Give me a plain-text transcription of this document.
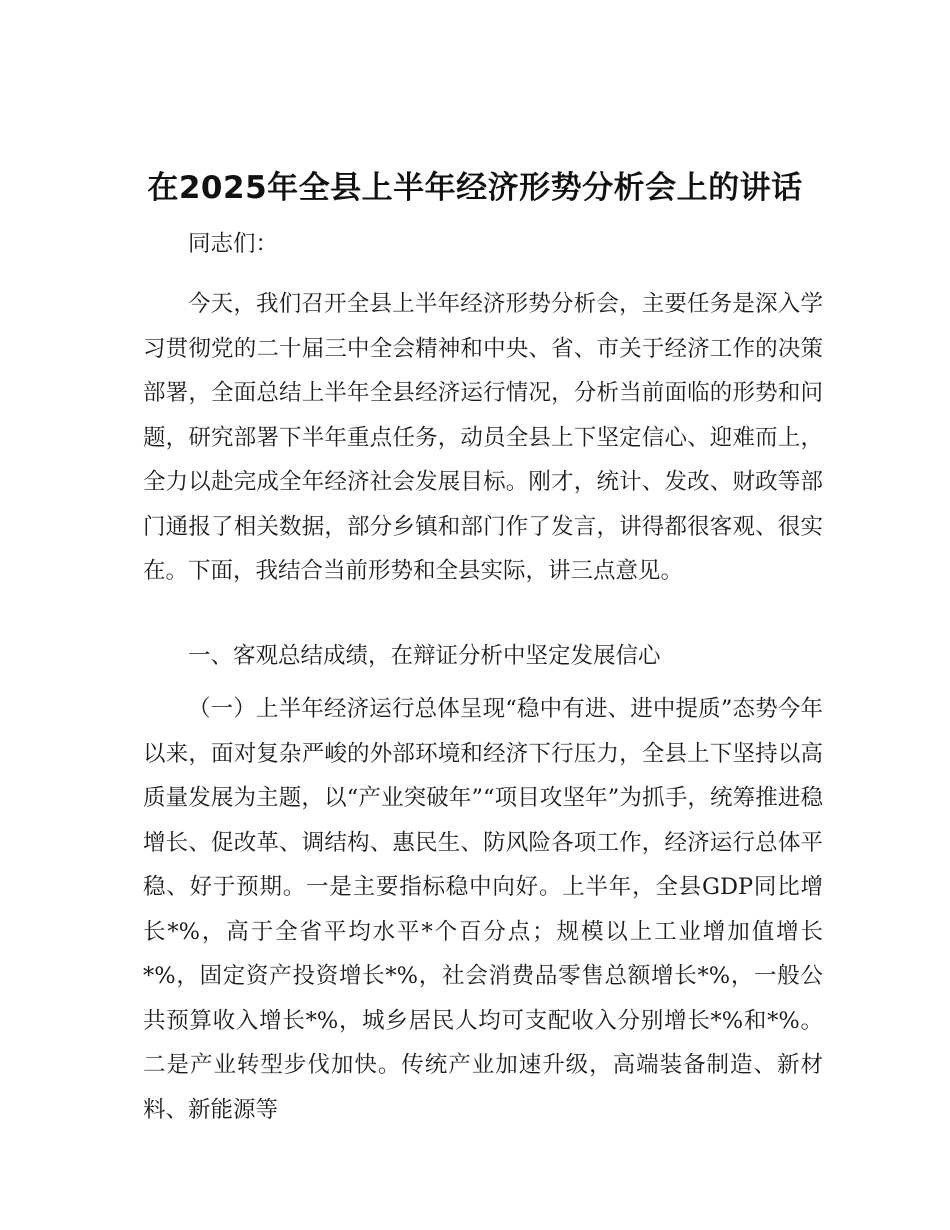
在2025年全县上半年经济形势分析会上的讲话

同志们：

今天，我们召开全县上半年经济形势分析会，主要任务是深入学习贯彻党的二十届三中全会精神和中央、省、市关于经济工作的决策部署，全面总结上半年全县经济运行情况，分析当前面临的形势和问题，研究部署下半年重点任务，动员全县上下坚定信心、迎难而上，全力以赴完成全年经济社会发展目标。刚才，统计、发改、财政等部门通报了相关数据，部分乡镇和部门作了发言，讲得都很客观、很实在。下面，我结合当前形势和全县实际，讲三点意见。

一、客观总结成绩，在辩证分析中坚定发展信心

（一）上半年经济运行总体呈现“稳中有进、进中提质”态势今年以来，面对复杂严峻的外部环境和经济下行压力，全县上下坚持以高质量发展为主题，以“产业突破年”“项目攻坚年”为抓手，统筹推进稳增长、促改革、调结构、惠民生、防风险各项工作，经济运行总体平稳、好于预期。一是主要指标稳中向好。上半年，全县GDP同比增长*%，高于全省平均水平*个百分点；规模以上工业增加值增长*%，固定资产投资增长*%，社会消费品零售总额增长*%，一般公共预算收入增长*%，城乡居民人均可支配收入分别增长*%和*%。二是产业转型步伐加快。传统产业加速升级，高端装备制造、新材料、新能源等
